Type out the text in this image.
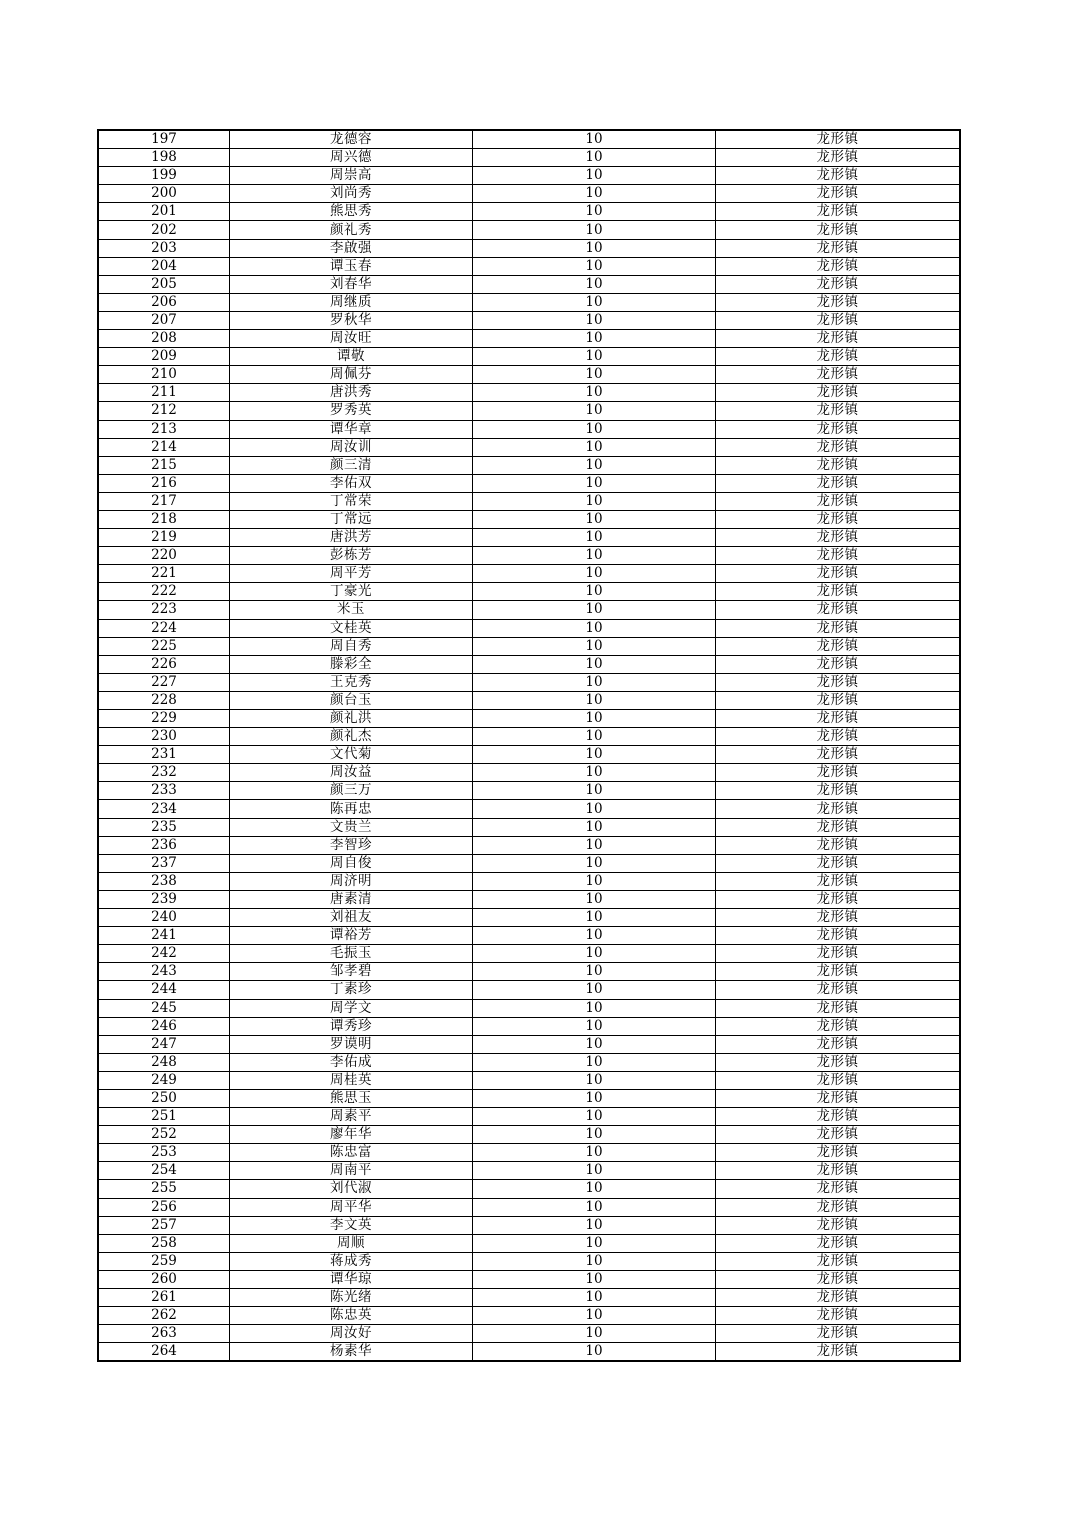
197	龙德容	10	龙形镇
198	周兴德	10	龙形镇
199	周崇高	10	龙形镇
200	刘尚秀	10	龙形镇
201	熊思秀	10	龙形镇
202	颜礼秀	10	龙形镇
203	李啟强	10	龙形镇
204	谭玉春	10	龙形镇
205	刘春华	10	龙形镇
206	周继质	10	龙形镇
207	罗秋华	10	龙形镇
208	周汝旺	10	龙形镇
209	谭敬	10	龙形镇
210	周佩芬	10	龙形镇
211	唐洪秀	10	龙形镇
212	罗秀英	10	龙形镇
213	谭华章	10	龙形镇
214	周汝训	10	龙形镇
215	颜三清	10	龙形镇
216	李佑双	10	龙形镇
217	丁常荣	10	龙形镇
218	丁常远	10	龙形镇
219	唐洪芳	10	龙形镇
220	彭栋芳	10	龙形镇
221	周平芳	10	龙形镇
222	丁豪光	10	龙形镇
223	米玉	10	龙形镇
224	文桂英	10	龙形镇
225	周自秀	10	龙形镇
226	滕彩全	10	龙形镇
227	王克秀	10	龙形镇
228	颜台玉	10	龙形镇
229	颜礼洪	10	龙形镇
230	颜礼杰	10	龙形镇
231	文代菊	10	龙形镇
232	周汝益	10	龙形镇
233	颜三万	10	龙形镇
234	陈再忠	10	龙形镇
235	文贵兰	10	龙形镇
236	李智珍	10	龙形镇
237	周自俊	10	龙形镇
238	周济明	10	龙形镇
239	唐素清	10	龙形镇
240	刘祖友	10	龙形镇
241	谭裕芳	10	龙形镇
242	毛振玉	10	龙形镇
243	邹孝碧	10	龙形镇
244	丁素珍	10	龙形镇
245	周学文	10	龙形镇
246	谭秀珍	10	龙形镇
247	罗谟明	10	龙形镇
248	李佑成	10	龙形镇
249	周桂英	10	龙形镇
250	熊思玉	10	龙形镇
251	周素平	10	龙形镇
252	廖年华	10	龙形镇
253	陈忠富	10	龙形镇
254	周南平	10	龙形镇
255	刘代淑	10	龙形镇
256	周平华	10	龙形镇
257	李文英	10	龙形镇
258	周顺	10	龙形镇
259	蒋成秀	10	龙形镇
260	谭华琼	10	龙形镇
261	陈光绪	10	龙形镇
262	陈忠英	10	龙形镇
263	周汝好	10	龙形镇
264	杨素华	10	龙形镇
